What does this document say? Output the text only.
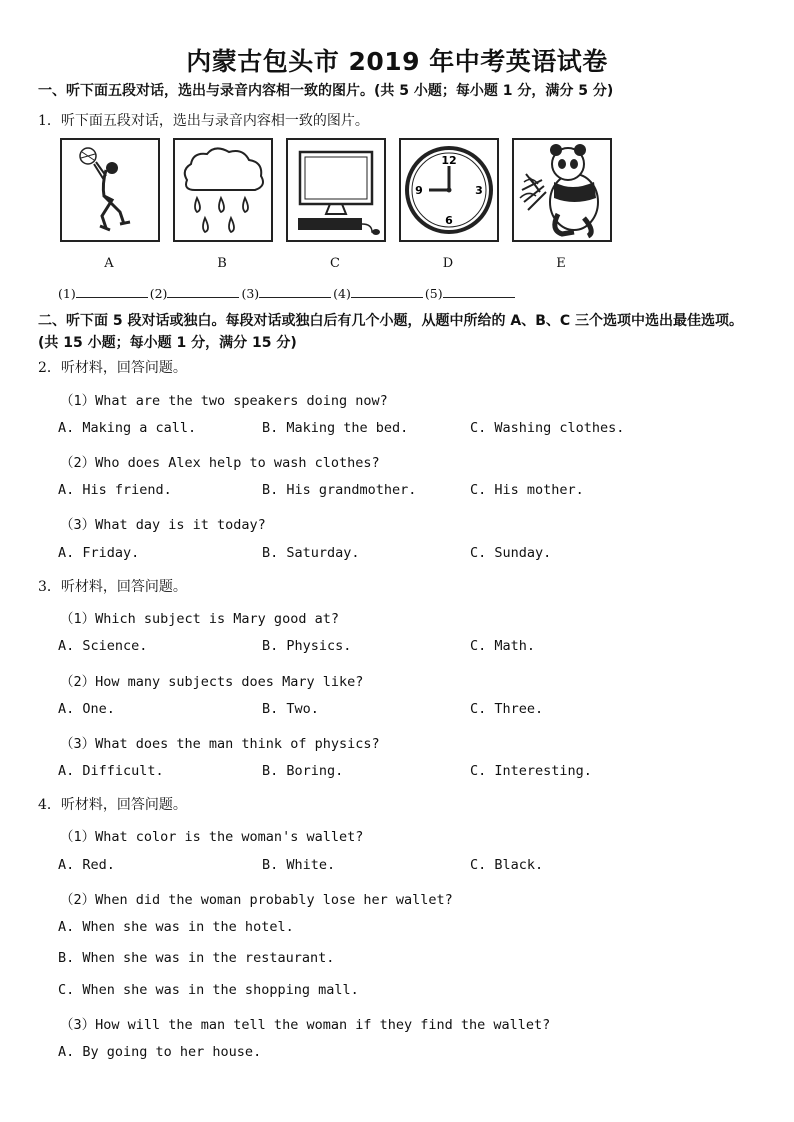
内蒙古包头市 2019 年中考英语试卷
一、听下面五段对话，选出与录音内容相一致的图片。(共 5 小题；每小题 1 分，满分 5 分)
1．听下面五段对话，选出与录音内容相一致的图片。
A	B	C
12
3
6
9
D	E
(1)	(2)	(3)	(4)	(5)
二、听下面 5 段对话或独白。每段对话或独白后有几个小题，从题中所给的 A、B、C 三个选项中选出最佳选项。(共 15 小题；每小题 1 分，满分 15 分)
2．听材料，回答问题。
（1）What are the two speakers doing now?
A. Making a call.	B. Making the bed.	C. Washing clothes.
（2）Who does Alex help to wash clothes?
A. His friend.	B. His grandmother.	C. His mother.
（3）What day is it today?
A. Friday.	B. Saturday.	C. Sunday.
3．听材料，回答问题。
（1）Which subject is Mary good at?
A. Science.	B. Physics.	C. Math.
（2）How many subjects does Mary like?
A. One.	B. Two.	C. Three.
（3）What does the man think of physics?
A. Difficult.	B. Boring.	C. Interesting.
4．听材料，回答问题。
（1）What color is the woman's wallet?
A. Red.	B. White.	C. Black.
（2）When did the woman probably lose her wallet?
A. When she was in the hotel.
B. When she was in the restaurant.
C. When she was in the shopping mall.
（3）How will the man tell the woman if they find the wallet?
A. By going to her house.
